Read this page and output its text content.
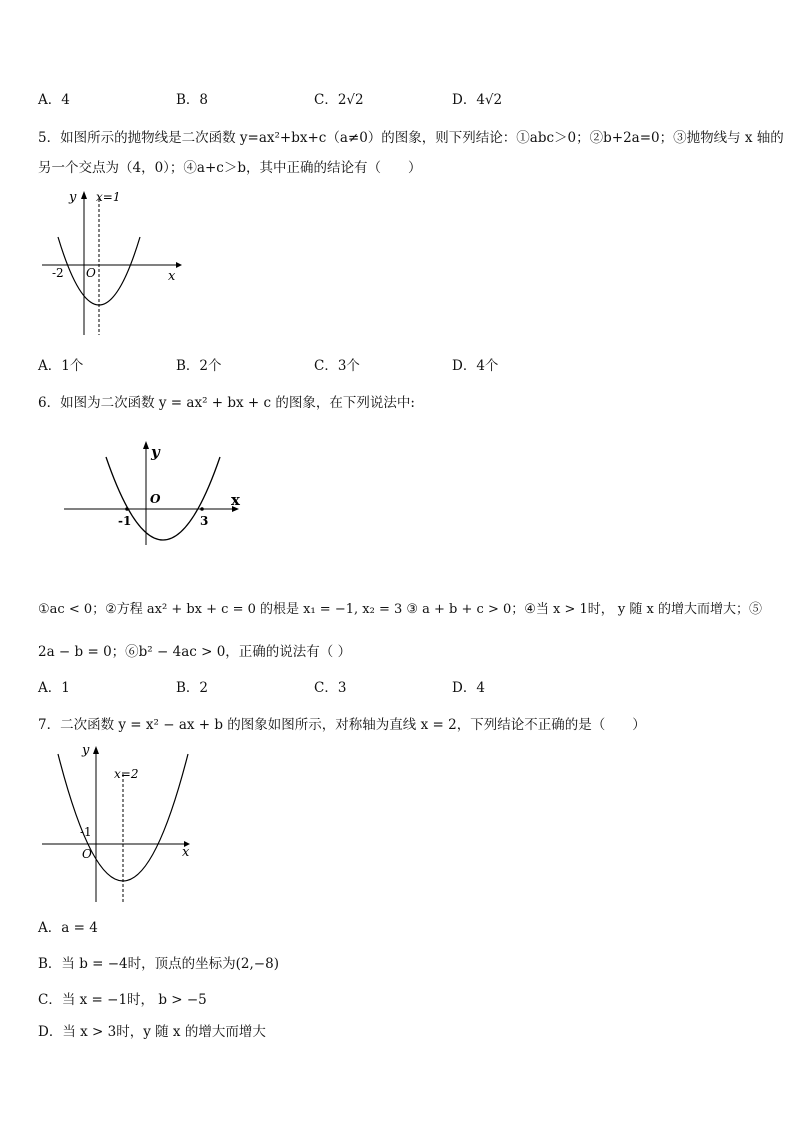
A．4	B．8	C．2√2	D．4√2
5．如图所示的抛物线是二次函数 y=ax²+bx+c（a≠0）的图象，则下列结论：①abc＞0；②b+2a=0；③抛物线与 x 轴的
另一个交点为（4，0）；④a+c＞b，其中正确的结论有（　　）
y x=1
-2 O	x
A．1个	B．2个	C．3个	D．4个
6．如图为二次函数 y = ax² + bx + c 的图象，在下列说法中:
y
O	x
-1	3
①ac < 0；②方程 ax² + bx + c = 0 的根是 x₁ = −1, x₂ = 3 ③ a + b + c > 0；④当 x > 1时， y 随 x 的增大而增大；⑤
2a − b = 0；⑥b² − 4ac > 0，正确的说法有（ ）
A．1	B．2	C．3	D．4
7．二次函数 y = x² − ax + b 的图象如图所示，对称轴为直线 x = 2，下列结论不正确的是（　　）
y
x=2
-1
O	x
A．a = 4
B．当 b = −4时，顶点的坐标为(2,−8)
C．当 x = −1时， b > −5
D．当 x > 3时，y 随 x 的增大而增大
